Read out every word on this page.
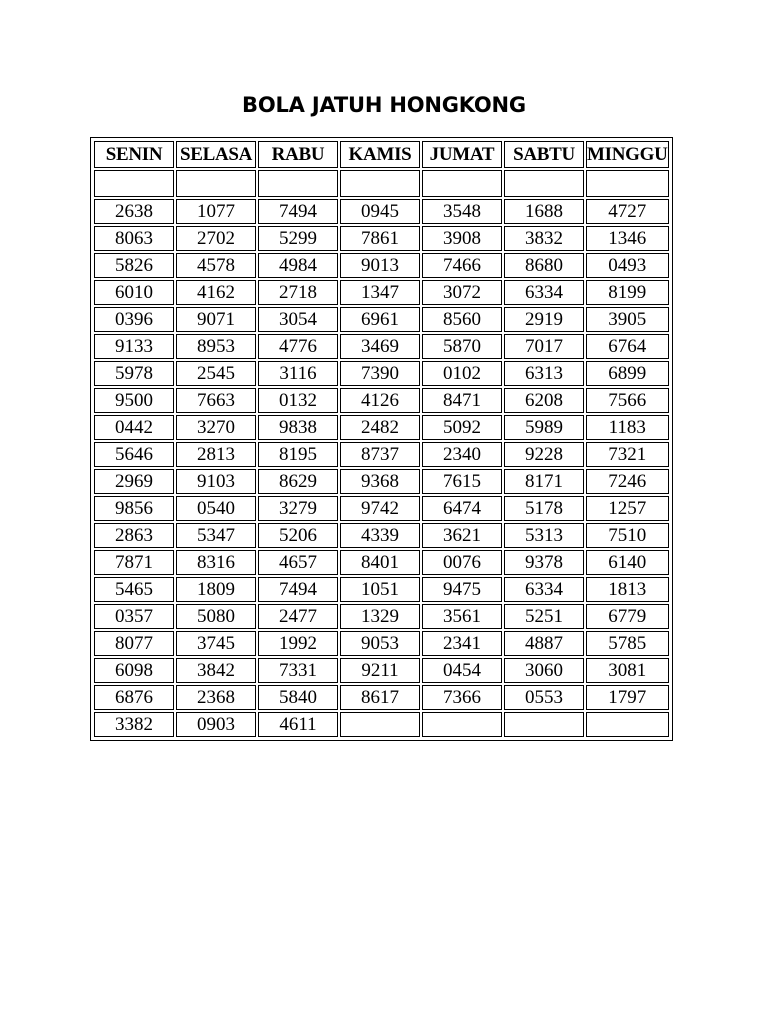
BOLA JATUH HONGKONG
SENIN	SELASA	RABU	KAMIS	JUMAT	SABTU	MINGGU

2638	1077	7494	0945	3548	1688	4727
8063	2702	5299	7861	3908	3832	1346
5826	4578	4984	9013	7466	8680	0493
6010	4162	2718	1347	3072	6334	8199
0396	9071	3054	6961	8560	2919	3905
9133	8953	4776	3469	5870	7017	6764
5978	2545	3116	7390	0102	6313	6899
9500	7663	0132	4126	8471	6208	7566
0442	3270	9838	2482	5092	5989	1183
5646	2813	8195	8737	2340	9228	7321
2969	9103	8629	9368	7615	8171	7246
9856	0540	3279	9742	6474	5178	1257
2863	5347	5206	4339	3621	5313	7510
7871	8316	4657	8401	0076	9378	6140
5465	1809	7494	1051	9475	6334	1813
0357	5080	2477	1329	3561	5251	6779
8077	3745	1992	9053	2341	4887	5785
6098	3842	7331	9211	0454	3060	3081
6876	2368	5840	8617	7366	0553	1797
3382	0903	4611				
